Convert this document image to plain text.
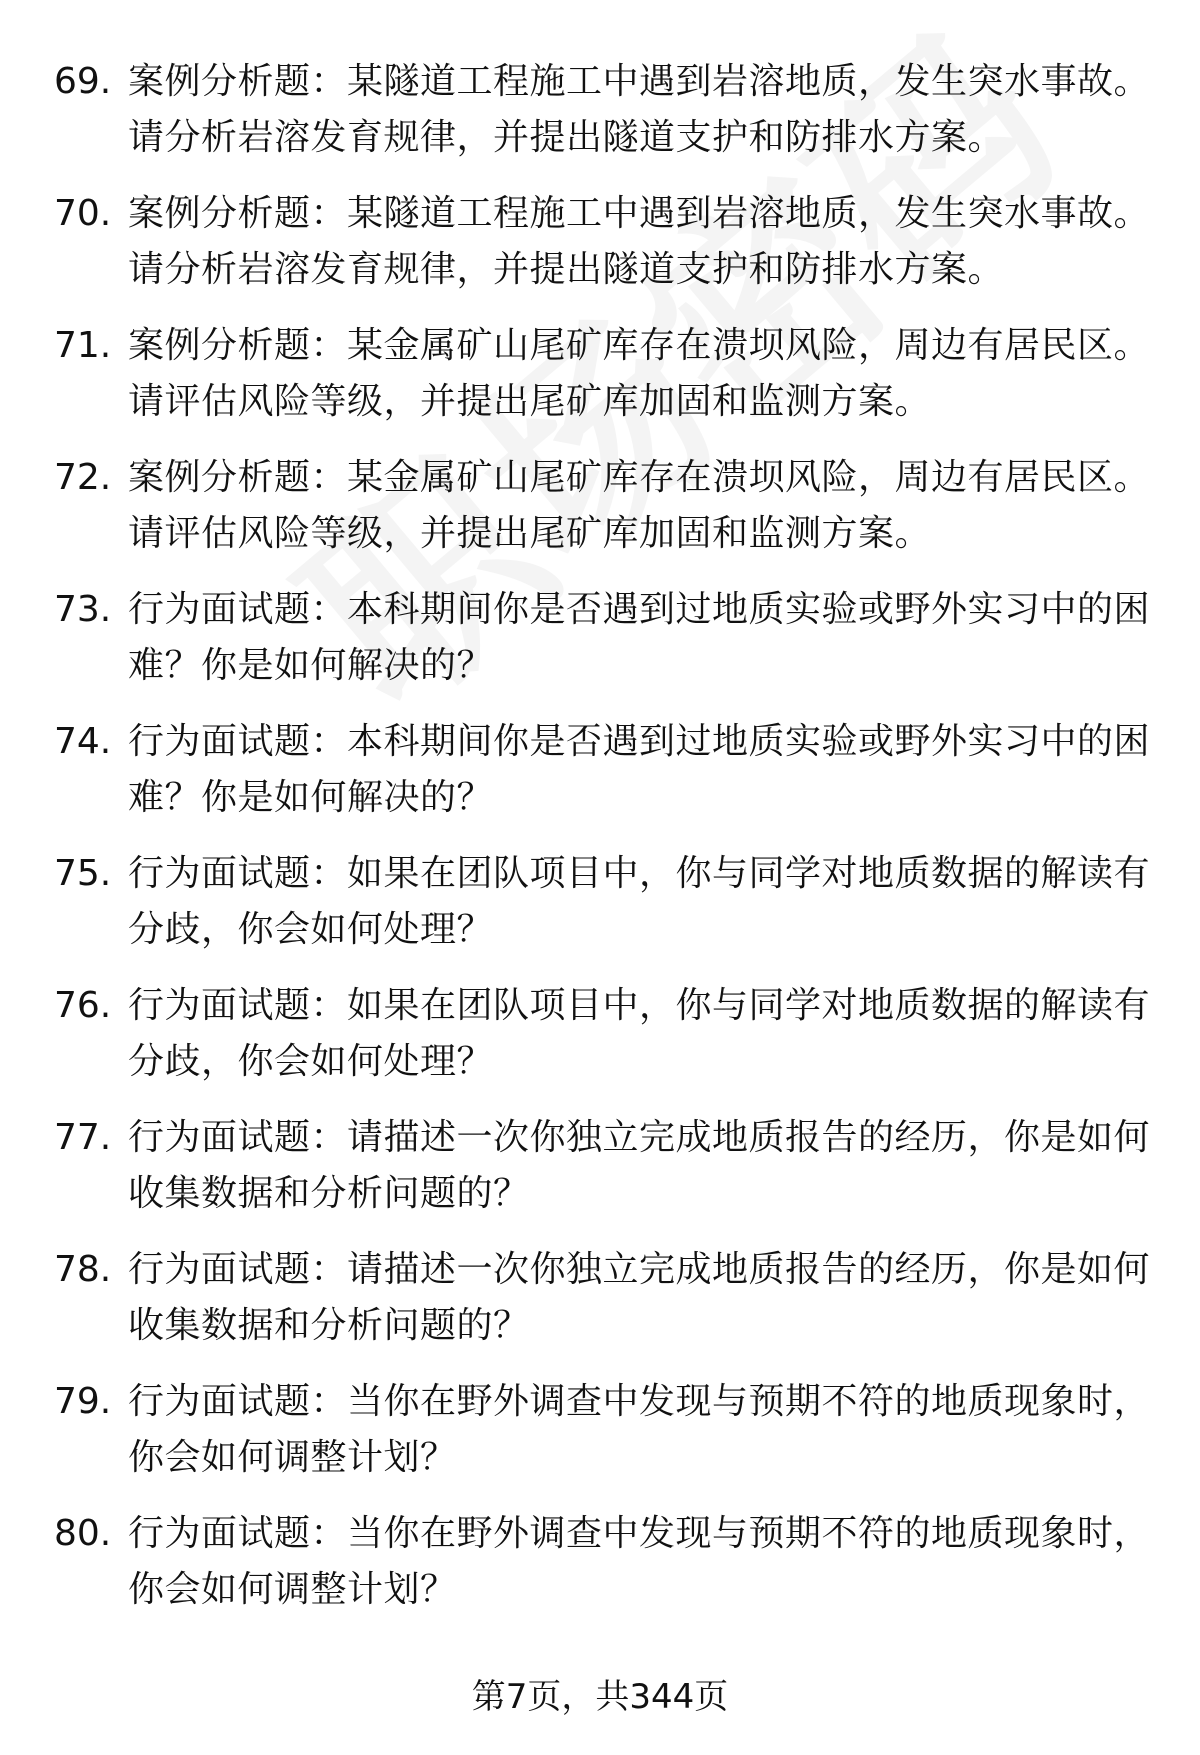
69. 案例分析题：某隧道工程施工中遇到岩溶地质，发生突水事故。请分析岩溶发育规律，并提出隧道支护和防排水方案。
70. 案例分析题：某隧道工程施工中遇到岩溶地质，发生突水事故。请分析岩溶发育规律，并提出隧道支护和防排水方案。
71. 案例分析题：某金属矿山尾矿库存在溃坝风险，周边有居民区。请评估风险等级，并提出尾矿库加固和监测方案。
72. 案例分析题：某金属矿山尾矿库存在溃坝风险，周边有居民区。请评估风险等级，并提出尾矿库加固和监测方案。
73. 行为面试题：本科期间你是否遇到过地质实验或野外实习中的困难？你是如何解决的？
74. 行为面试题：本科期间你是否遇到过地质实验或野外实习中的困难？你是如何解决的？
75. 行为面试题：如果在团队项目中，你与同学对地质数据的解读有分歧，你会如何处理？
76. 行为面试题：如果在团队项目中，你与同学对地质数据的解读有分歧，你会如何处理？
77. 行为面试题：请描述一次你独立完成地质报告的经历，你是如何收集数据和分析问题的？
78. 行为面试题：请描述一次你独立完成地质报告的经历，你是如何收集数据和分析问题的？
79. 行为面试题：当你在野外调查中发现与预期不符的地质现象时，你会如何调整计划？
80. 行为面试题：当你在野外调查中发现与预期不符的地质现象时，你会如何调整计划？
第7页，共344页
